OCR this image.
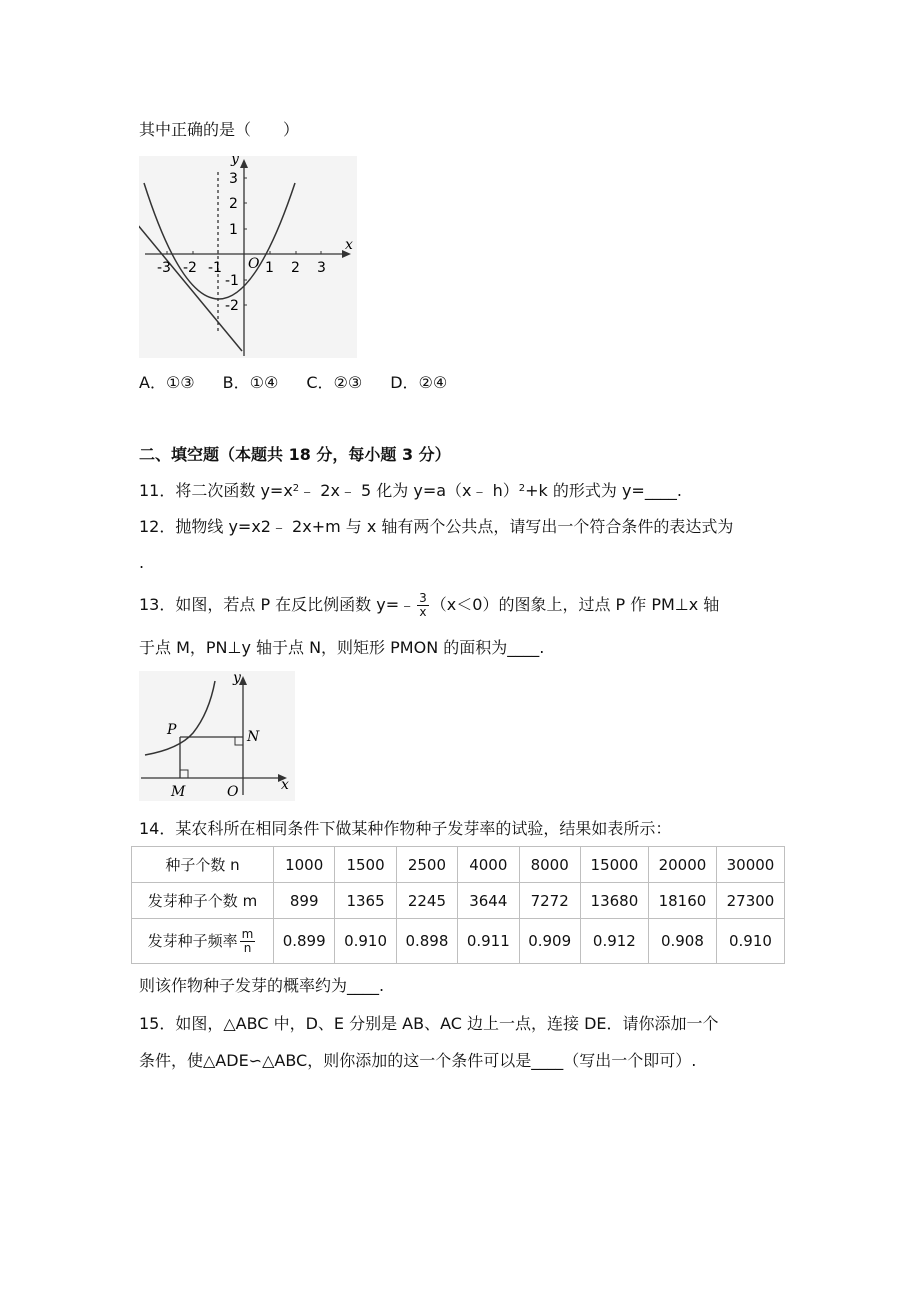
其中正确的是（　　）
x
y
O
-3 -2 -1	1 2 3
3
2
1
-1
-2
A．①③ B．①④ C．②③ D．②④
二、填空题（本题共 18 分，每小题 3 分）
11．将二次函数 $y=x^2﹣$ 2x﹣ 5 化为 y=a（x﹣ h）$^2$+k 的形式为 y=____.
12．抛物线 y=x2﹣ 2x+m 与 x 轴有两个公共点，请写出一个符合条件的表达式为
.
13．如图，若点 P 在反比例函数 y=﹣ $\frac{3}{x} (x<0)$的图象上，过点 P 作 PM⊥x 轴
于点 M，PN⊥y 轴于点 N，则矩形 PMON 的面积为____.
P	N
M	O	x
y
14．某农科所在相同条件下做某种作物种子发芽率的试验，结果如表所示：
种子个数 n	1000	1500	2500	4000	8000	15000	20000	30000
发芽种子个数 m	899	1365	2245	3644	7272	13680	18160	27300
发芽种子频率 $\frac{m}{n}$	0.899	0.910	0.898	0.911	0.909	0.912	0.908	0.910
则该作物种子发芽的概率约为____.
15．如图，△ABC 中，D、E 分别是 AB、AC 边上一点，连接 DE．请你添加一个
条件，使△ADE∽△ABC，则你添加的这一个条件可以是____（写出一个即可）.
